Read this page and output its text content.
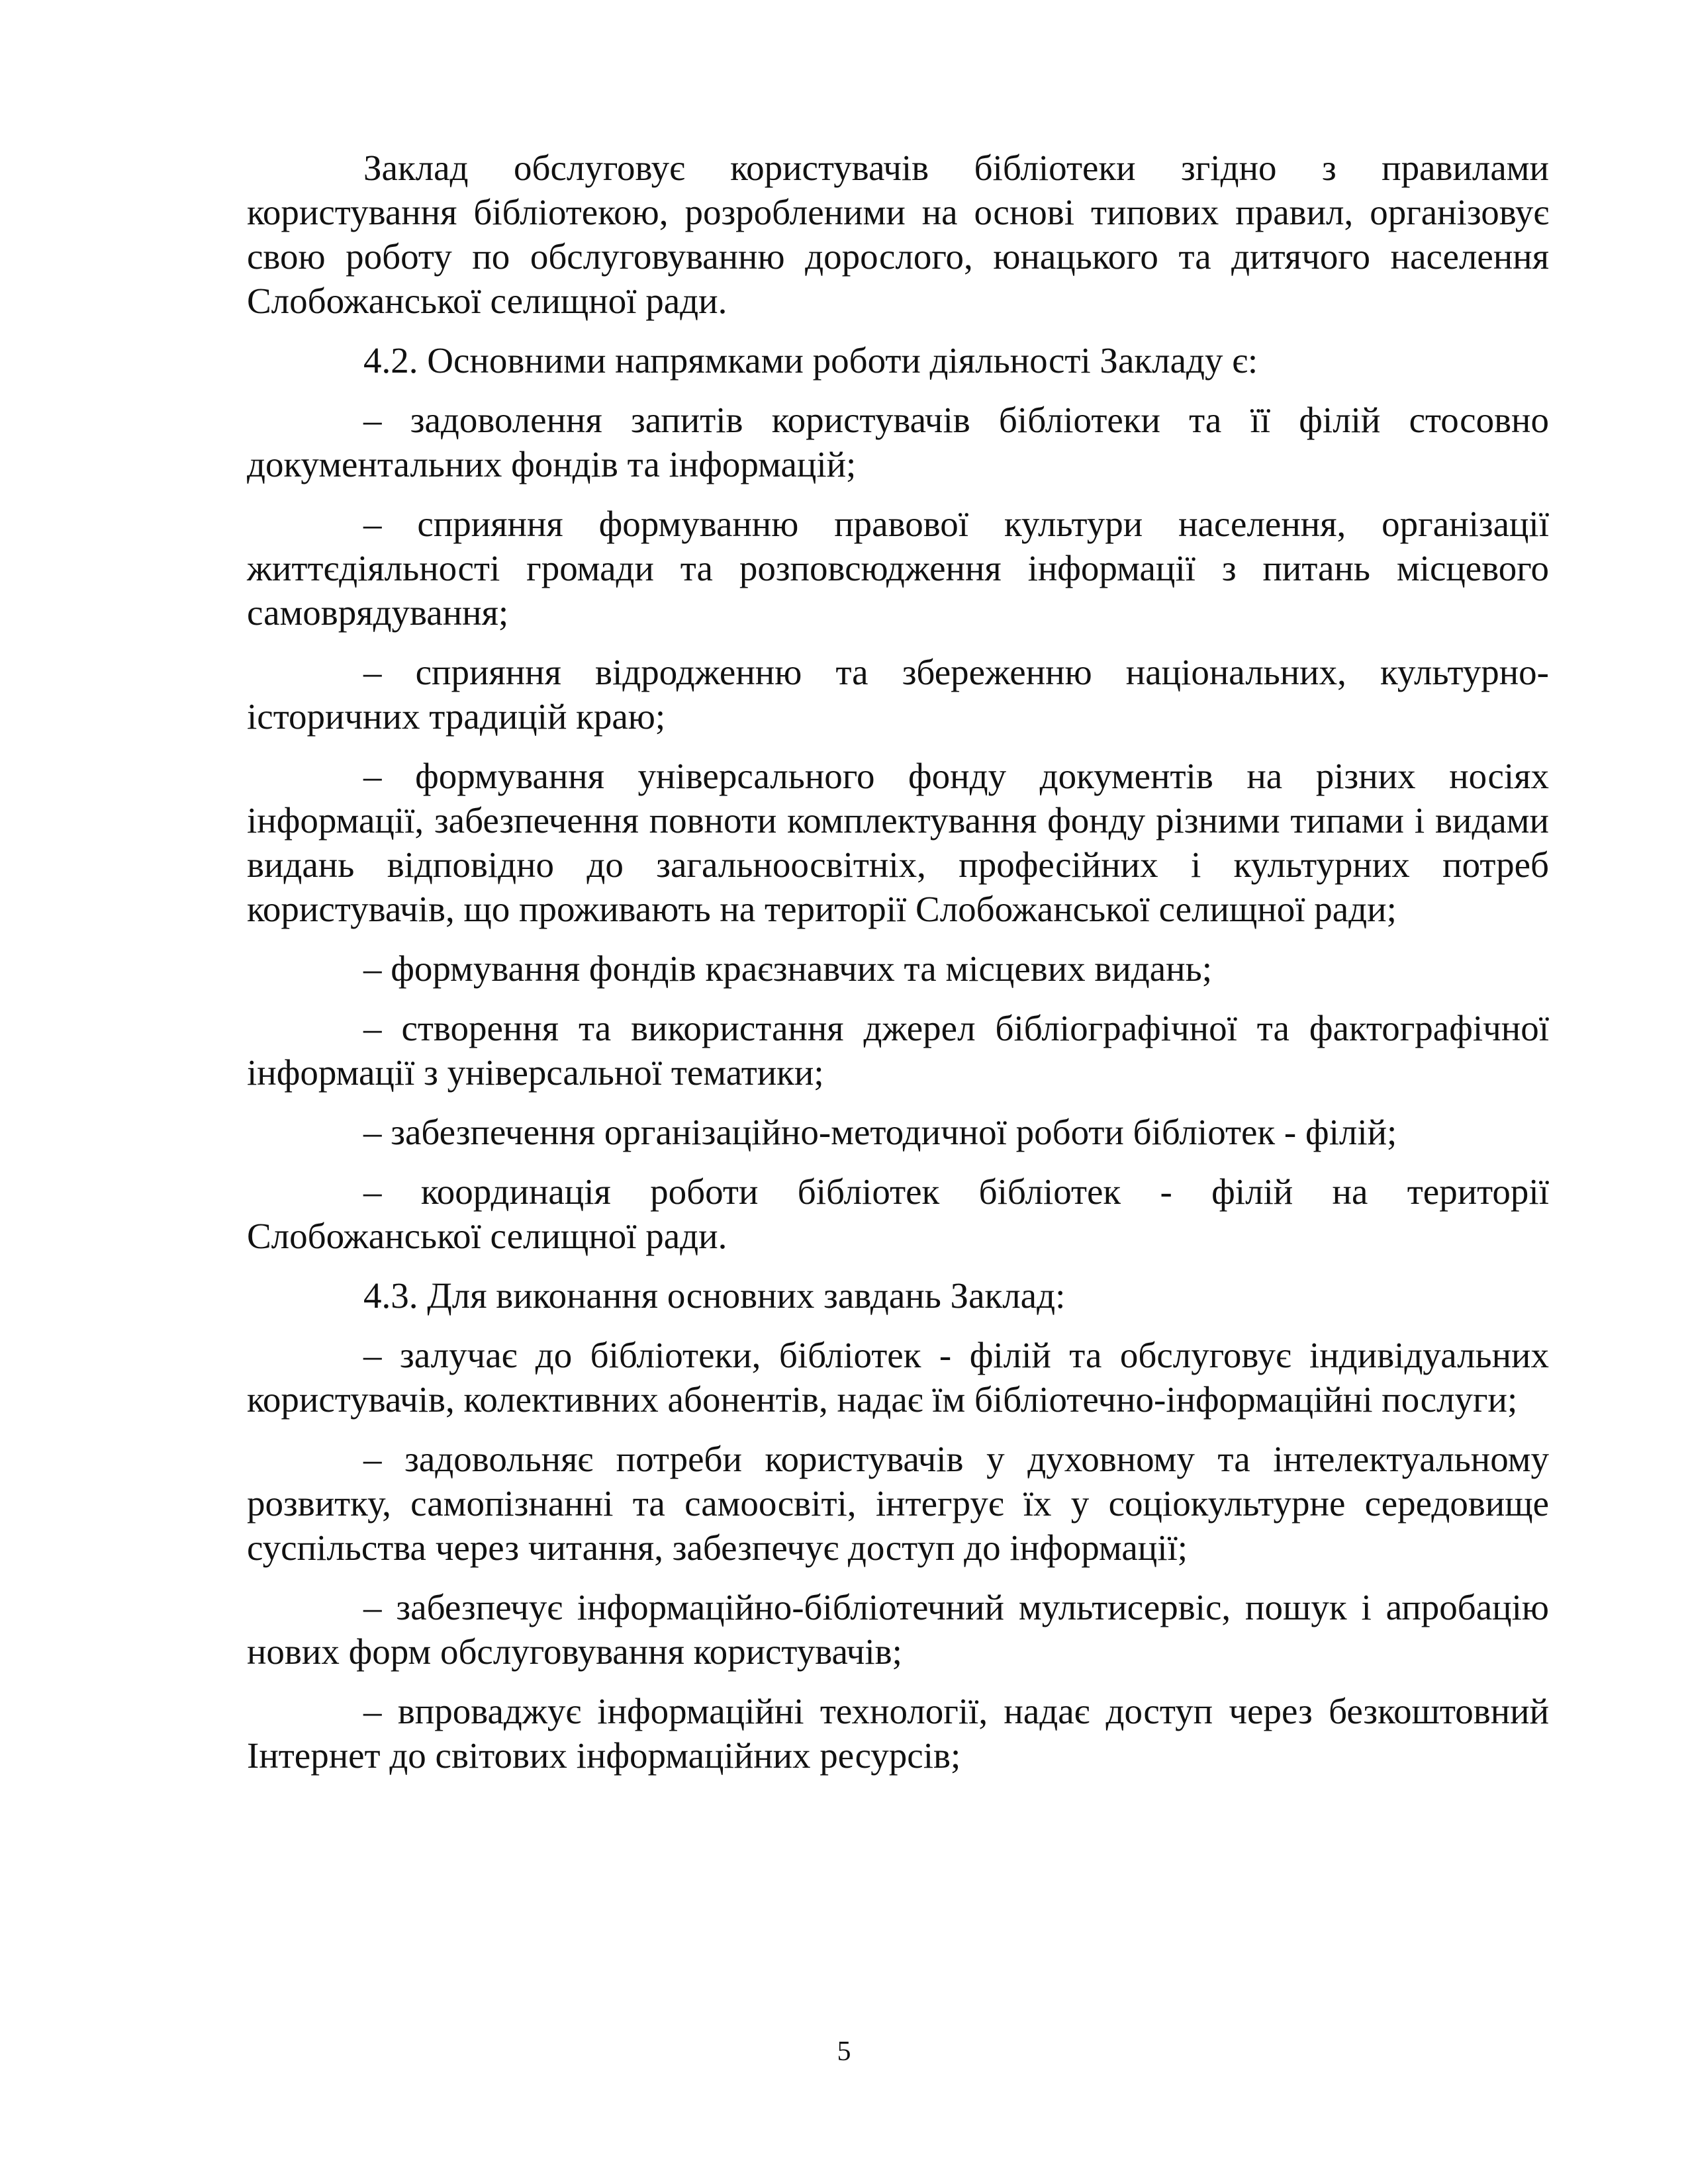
Заклад обслуговує користувачів бібліотеки згідно з правилами користування бібліотекою, розробленими на основі типових правил, організовує свою роботу по обслуговуванню дорослого, юнацького та дитячого населення Слобожанської селищної ради.

4.2. Основними напрямками роботи діяльності Закладу є:

– задоволення запитів користувачів бібліотеки та її філій стосовно документальних фондів та інформацій;

– сприяння формуванню правової культури населення, організації життєдіяльності громади та розповсюдження інформації з питань місцевого самоврядування;

– сприяння відродженню та збереженню національних, культурно-історичних традицій краю;

– формування універсального фонду документів на різних носіях інформації, забезпечення повноти комплектування фонду різними типами і видами видань відповідно до загальноосвітніх, професійних і культурних потреб користувачів, що проживають на території Слобожанської селищної ради;

– формування фондів краєзнавчих та місцевих видань;

– створення та використання джерел бібліографічної та фактографічної інформації з універсальної тематики;

– забезпечення організаційно-методичної роботи бібліотек - філій;

– координація роботи бібліотек бібліотек - філій на території Слобожанської селищної ради.

4.3. Для виконання основних завдань Заклад:

– залучає до бібліотеки, бібліотек - філій та обслуговує індивідуальних користувачів, колективних абонентів, надає їм бібліотечно-інформаційні послуги;

– задовольняє потреби користувачів у духовному та інтелектуальному розвитку, самопізнанні та самоосвіті, інтегрує їх у соціокультурне середовище суспільства через читання, забезпечує доступ до інформації;

– забезпечує інформаційно-бібліотечний мультисервіс, пошук і апробацію нових форм обслуговування користувачів;

– впроваджує інформаційні технології, надає доступ через безкоштовний Інтернет до світових інформаційних ресурсів;

5
